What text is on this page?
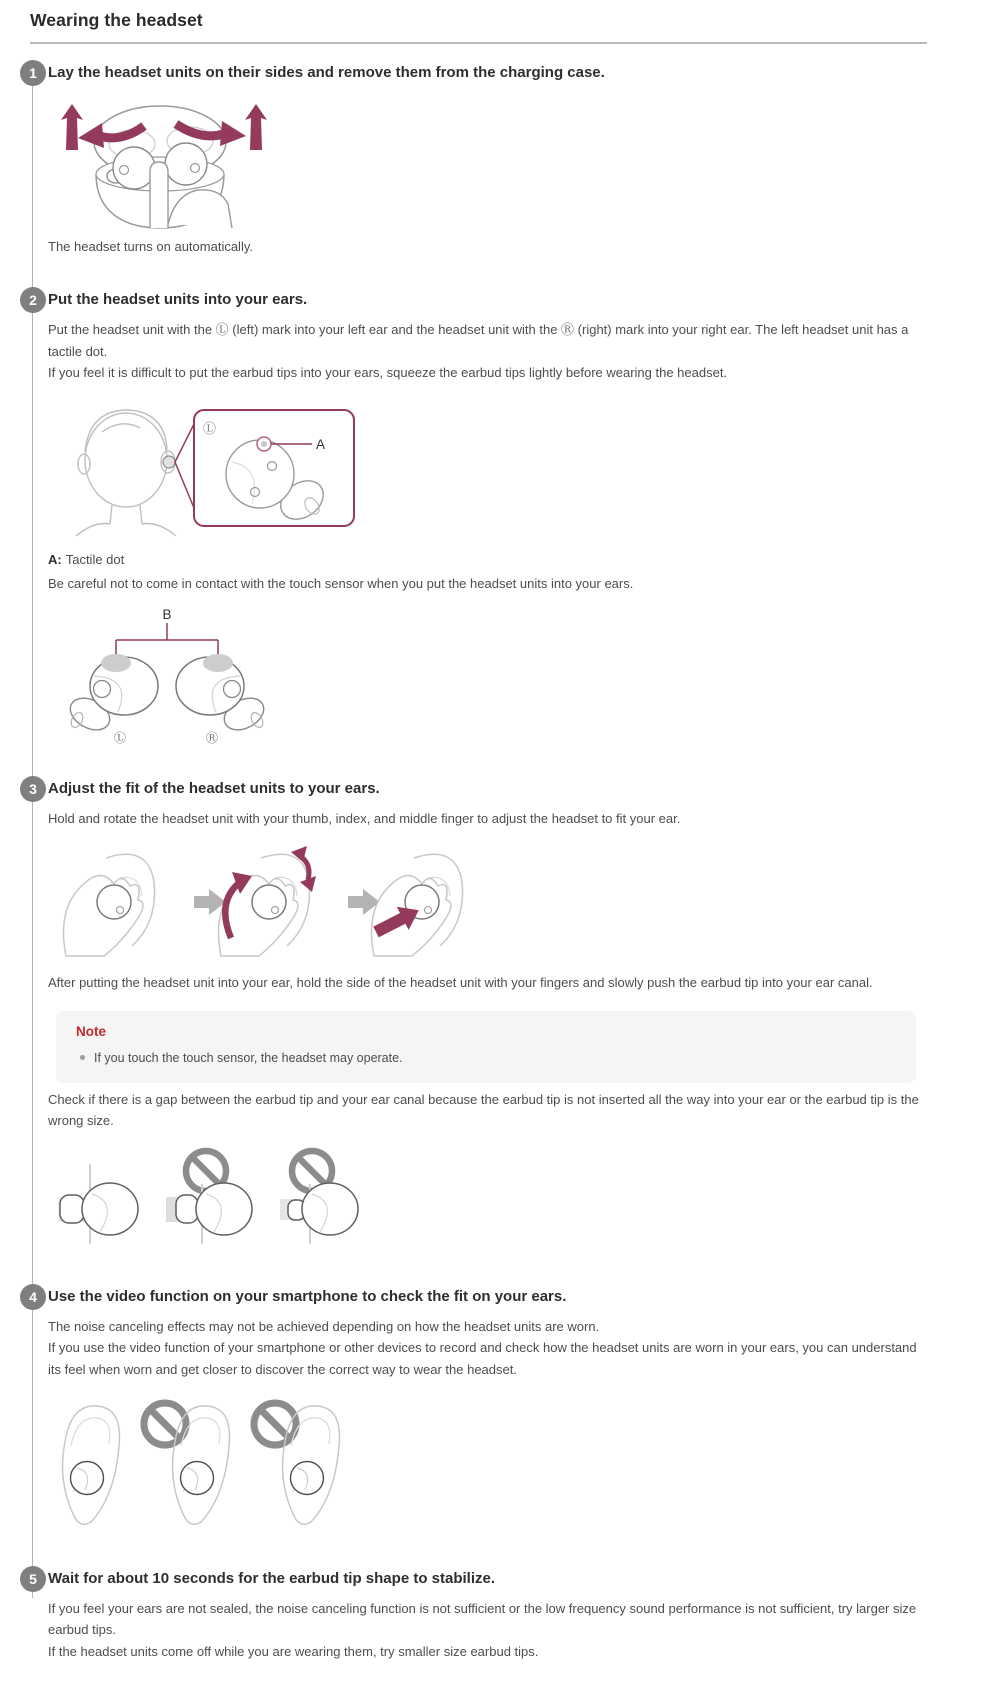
Wearing the headset
1 Lay the headset units on their sides and remove them from the charging case.
The headset turns on automatically.
2 Put the headset units into your ears.
Put the headset unit with the Ⓛ (left) mark into your left ear and the headset unit with the Ⓡ (right) mark into your right ear. The left headset unit has a tactile dot.
If you feel it is difficult to put the earbud tips into your ears, squeeze the earbud tips lightly before wearing the headset.
Ⓛ
A
A: Tactile dot
Be careful not to come in contact with the touch sensor when you put the headset units into your ears.
B
Ⓛ	Ⓡ
3 Adjust the fit of the headset units to your ears.
Hold and rotate the headset unit with your thumb, index, and middle finger to adjust the headset to fit your ear.
After putting the headset unit into your ear, hold the side of the headset unit with your fingers and slowly push the earbud tip into your ear canal.
Note
If you touch the touch sensor, the headset may operate.
Check if there is a gap between the earbud tip and your ear canal because the earbud tip is not inserted all the way into your ear or the earbud tip is the wrong size.
4 Use the video function on your smartphone to check the fit on your ears.
The noise canceling effects may not be achieved depending on how the headset units are worn.
If you use the video function of your smartphone or other devices to record and check how the headset units are worn in your ears, you can understand its feel when worn and get closer to discover the correct way to wear the headset.
5 Wait for about 10 seconds for the earbud tip shape to stabilize.
If you feel your ears are not sealed, the noise canceling function is not sufficient or the low frequency sound performance is not sufficient, try larger size earbud tips.
If the headset units come off while you are wearing them, try smaller size earbud tips.
